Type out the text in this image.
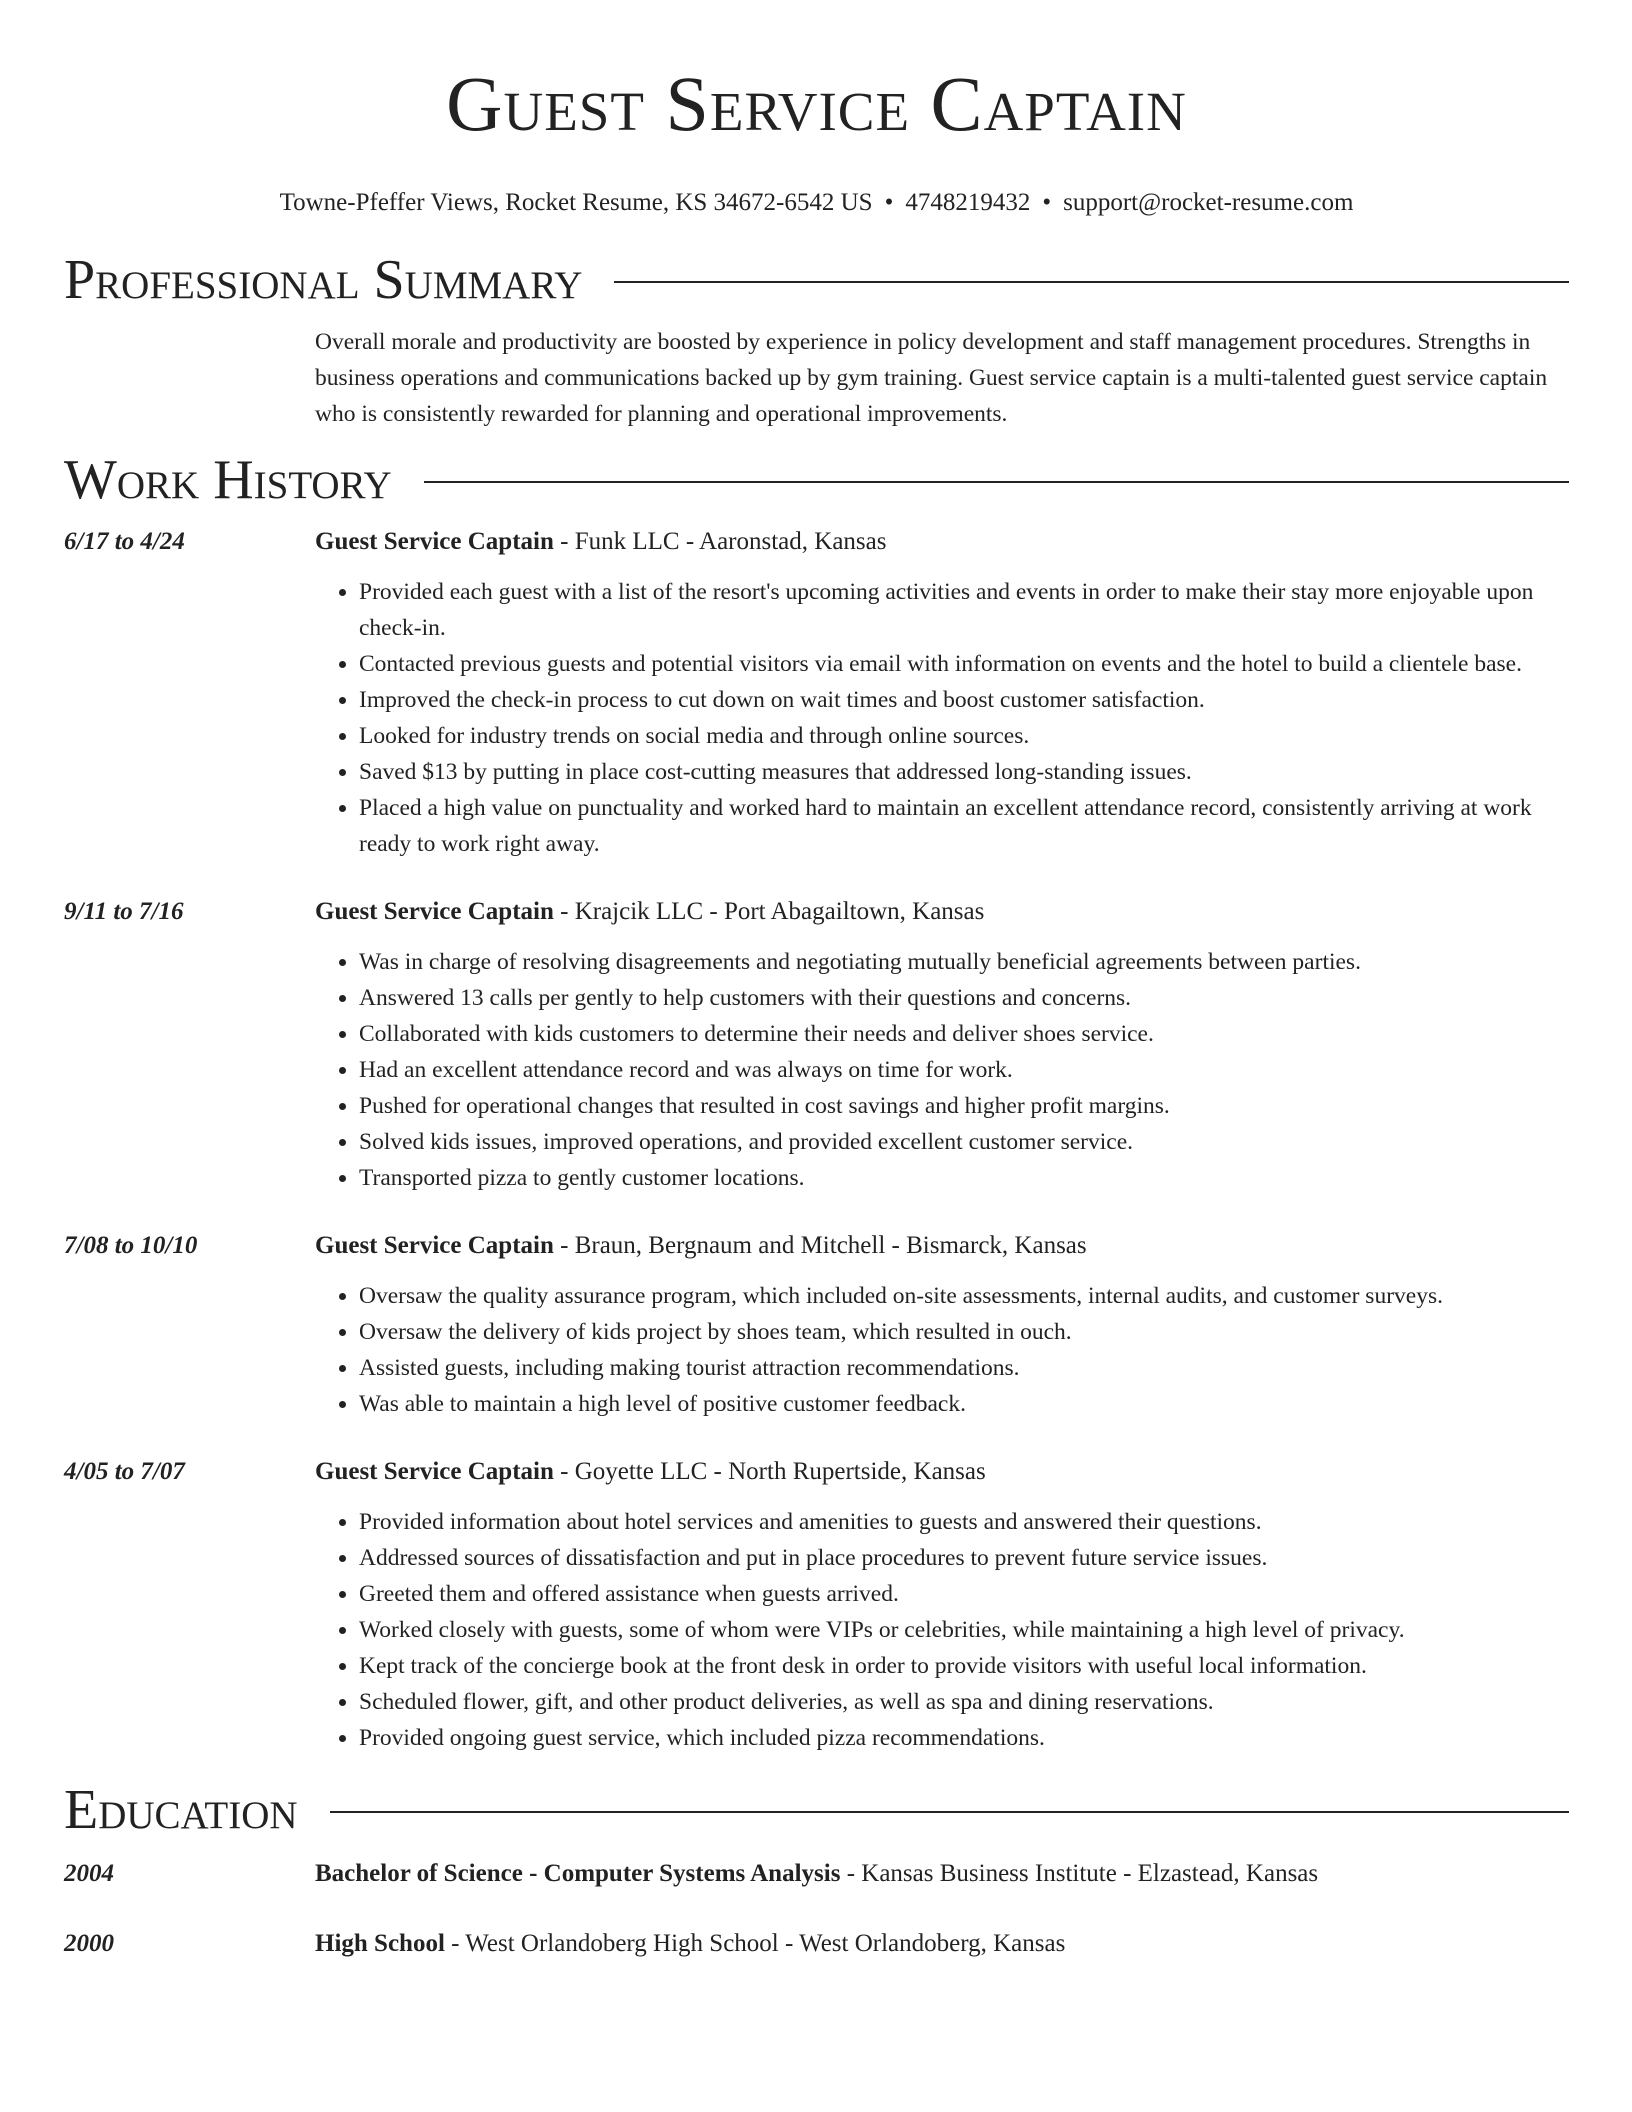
Guest Service Captain
Towne-Pfeffer Views, Rocket Resume, KS 34672-6542 US • 4748219432 • support@rocket-resume.com
Professional Summary
Overall morale and productivity are boosted by experience in policy development and staff management procedures. Strengths in business operations and communications backed up by gym training. Guest service captain is a multi-talented guest service captain who is consistently rewarded for planning and operational improvements.
Work History
6/17 to 4/24	Guest Service Captain - Funk LLC - Aaronstad, Kansas
• Provided each guest with a list of the resort's upcoming activities and events in order to make their stay more enjoyable upon check-in.
• Contacted previous guests and potential visitors via email with information on events and the hotel to build a clientele base.
• Improved the check-in process to cut down on wait times and boost customer satisfaction.
• Looked for industry trends on social media and through online sources.
• Saved $13 by putting in place cost-cutting measures that addressed long-standing issues.
• Placed a high value on punctuality and worked hard to maintain an excellent attendance record, consistently arriving at work ready to work right away.
9/11 to 7/16	Guest Service Captain - Krajcik LLC - Port Abagailtown, Kansas
• Was in charge of resolving disagreements and negotiating mutually beneficial agreements between parties.
• Answered 13 calls per gently to help customers with their questions and concerns.
• Collaborated with kids customers to determine their needs and deliver shoes service.
• Had an excellent attendance record and was always on time for work.
• Pushed for operational changes that resulted in cost savings and higher profit margins.
• Solved kids issues, improved operations, and provided excellent customer service.
• Transported pizza to gently customer locations.
7/08 to 10/10	Guest Service Captain - Braun, Bergnaum and Mitchell - Bismarck, Kansas
• Oversaw the quality assurance program, which included on-site assessments, internal audits, and customer surveys.
• Oversaw the delivery of kids project by shoes team, which resulted in ouch.
• Assisted guests, including making tourist attraction recommendations.
• Was able to maintain a high level of positive customer feedback.
4/05 to 7/07	Guest Service Captain - Goyette LLC - North Rupertside, Kansas
• Provided information about hotel services and amenities to guests and answered their questions.
• Addressed sources of dissatisfaction and put in place procedures to prevent future service issues.
• Greeted them and offered assistance when guests arrived.
• Worked closely with guests, some of whom were VIPs or celebrities, while maintaining a high level of privacy.
• Kept track of the concierge book at the front desk in order to provide visitors with useful local information.
• Scheduled flower, gift, and other product deliveries, as well as spa and dining reservations.
• Provided ongoing guest service, which included pizza recommendations.
Education
2004	Bachelor of Science - Computer Systems Analysis - Kansas Business Institute - Elzastead, Kansas
2000	High School - West Orlandoberg High School - West Orlandoberg, Kansas
